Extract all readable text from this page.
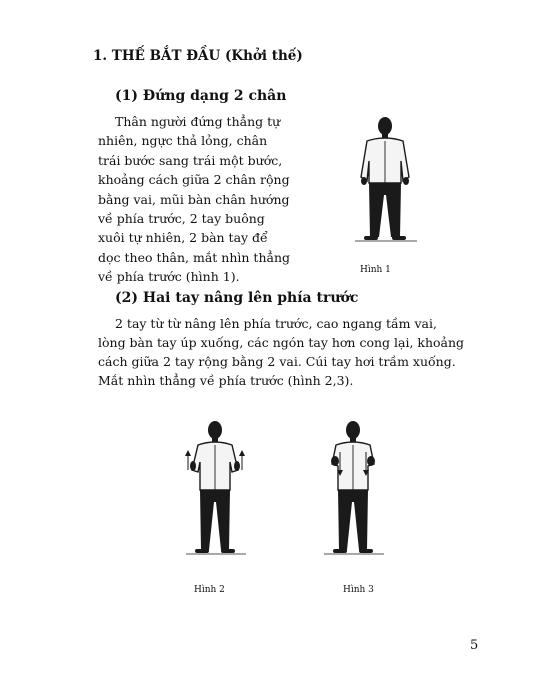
1. THẾ BẮT ĐẦU (Khởi thế)
(1) Đứng dạng 2 chân
Thân người đứng thẳng tự
nhiên, ngực thả lỏng, chân
trái bước sang trái một bước,
khoảng cách giữa 2 chân rộng
bằng vai, mũi bàn chân hướng
về phía trước, 2 tay buông
xuôi tự nhiên, 2 bàn tay để
dọc theo thân, mắt nhìn thẳng
về phía trước (hình 1).	Hình 1
(2) Hai tay nâng lên phía trước
2 tay từ từ nâng lên phía trước, cao ngang tầm vai,
lòng bàn tay úp xuống, các ngón tay hơn cong lại, khoảng
cách giữa 2 tay rộng bằng 2 vai. Cúi tay hơi trầm xuống.
Mắt nhìn thẳng về phía trước (hình 2,3).
Hình 2	Hình 3
5
